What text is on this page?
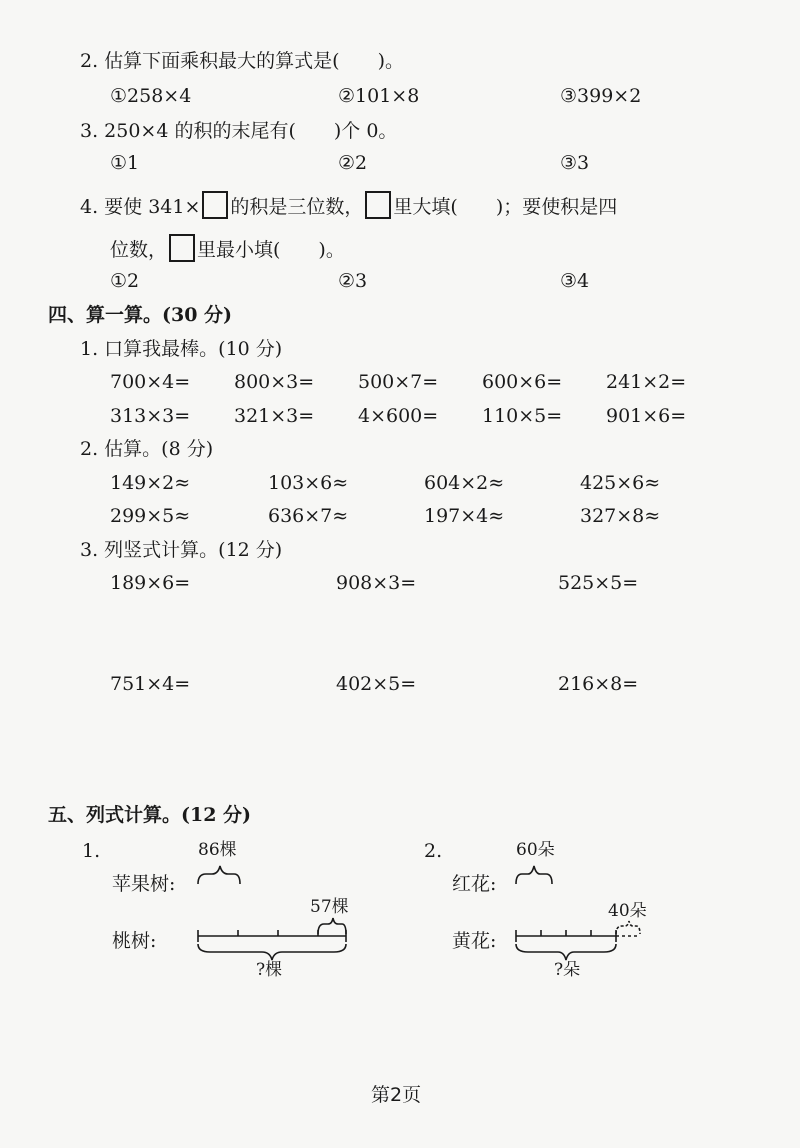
2. 估算下面乘积最大的算式是(　　)。
①258×4	②101×8	③399×2
3. 250×4 的积的末尾有(　　)个 0。
①1	②2	③3
4. 要使 341× 的积是三位数， 里大填(　　)；要使积是四
位数， 里最小填(　　)。
①2	②3	③4
四、算一算。(30 分)
1. 口算我最棒。(10 分)
700×4= 800×3= 500×7= 600×6= 241×2=
313×3= 321×3= 4×600= 110×5= 901×6=
2. 估算。(8 分)
149×2≈	103×6≈	604×2≈	425×6≈
299×5≈	636×7≈	197×4≈	327×8≈
3. 列竖式计算。(12 分)
189×6=	908×3=	525×5=
751×4=	402×5=	216×8=
五、列式计算。(12 分)
1.	86棵
苹果树:
57棵
桃树:
?棵
2.	60朵
红花:
40朵
黄花:
?朵
第2页
